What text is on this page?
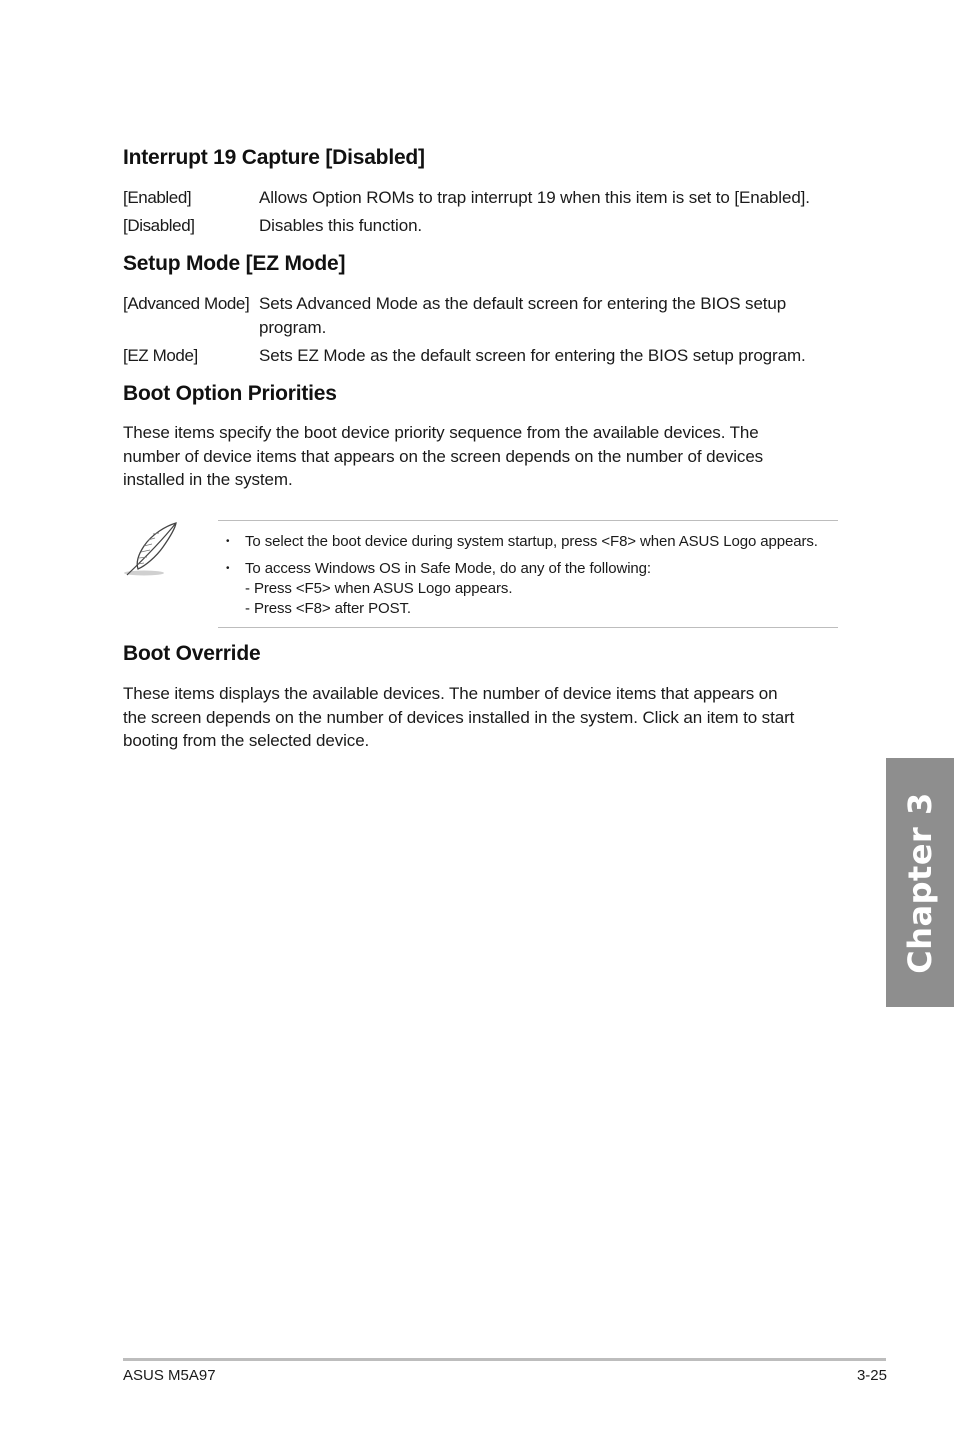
Interrupt 19 Capture [Disabled]
[Enabled]	Allows Option ROMs to trap interrupt 19 when this item is set to [Enabled].
[Disabled]	Disables this function.
Setup Mode [EZ Mode]
[Advanced Mode] Sets Advanced Mode as the default screen for entering the BIOS setup
program.
[EZ Mode]	Sets EZ Mode as the default screen for entering the BIOS setup program.
Boot Option Priorities
These items specify the boot device priority sequence from the available devices. The
number of device items that appears on the screen depends on the number of devices
installed in the system.
• To select the boot device during system startup, press <F8> when ASUS Logo appears.
• To access Windows OS in Safe Mode, do any of the following:
- Press <F5> when ASUS Logo appears.
- Press <F8> after POST.
Boot Override
These items displays the available devices. The number of device items that appears on
the screen depends on the number of devices installed in the system. Click an item to start
booting from the selected device.
Chapter 3
ASUS M5A97	3-25
